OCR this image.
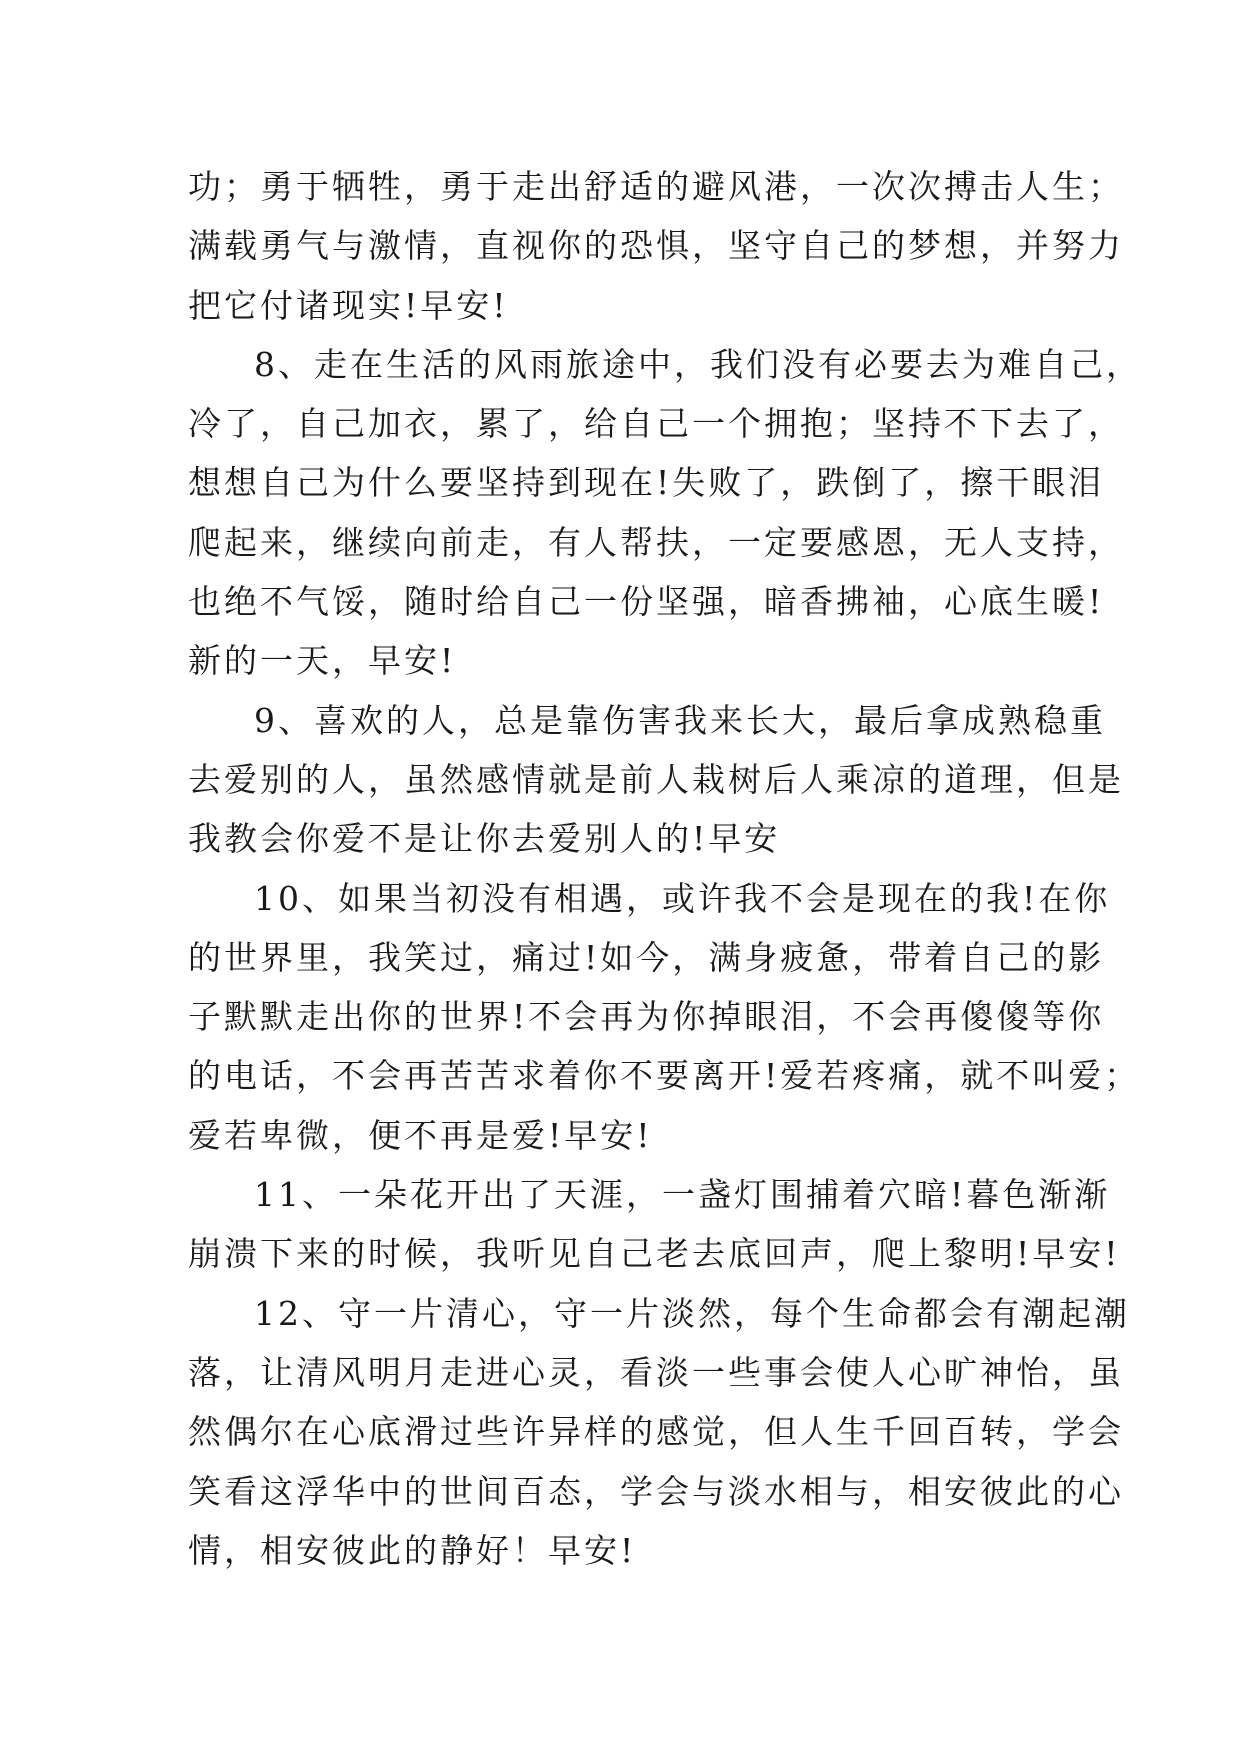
功；勇于牺牲，勇于走出舒适的避风港，一次次搏击人生；
满载勇气与激情，直视你的恐惧，坚守自己的梦想，并努力
把它付诸现实!早安!
8、走在生活的风雨旅途中，我们没有必要去为难自己，
冷了，自己加衣，累了，给自己一个拥抱；坚持不下去了，
想想自己为什么要坚持到现在!失败了，跌倒了，擦干眼泪
爬起来，继续向前走，有人帮扶，一定要感恩，无人支持，
也绝不气馁，随时给自己一份坚强，暗香拂袖，心底生暖!
新的一天，早安!
9、喜欢的人，总是靠伤害我来长大，最后拿成熟稳重
去爱别的人，虽然感情就是前人栽树后人乘凉的道理，但是
我教会你爱不是让你去爱别人的!早安
10、如果当初没有相遇，或许我不会是现在的我!在你
的世界里，我笑过，痛过!如今，满身疲惫，带着自己的影
子默默走出你的世界!不会再为你掉眼泪，不会再傻傻等你
的电话，不会再苦苦求着你不要离开!爱若疼痛，就不叫爱；
爱若卑微，便不再是爱!早安!
11、一朵花开出了天涯，一盏灯围捕着穴暗!暮色渐渐
崩溃下来的时候，我听见自己老去底回声，爬上黎明!早安!
12、守一片清心，守一片淡然，每个生命都会有潮起潮
落，让清风明月走进心灵，看淡一些事会使人心旷神怡，虽
然偶尔在心底滑过些许异样的感觉，但人生千回百转，学会
笑看这浮华中的世间百态，学会与淡水相与，相安彼此的心
情，相安彼此的静好！早安!
